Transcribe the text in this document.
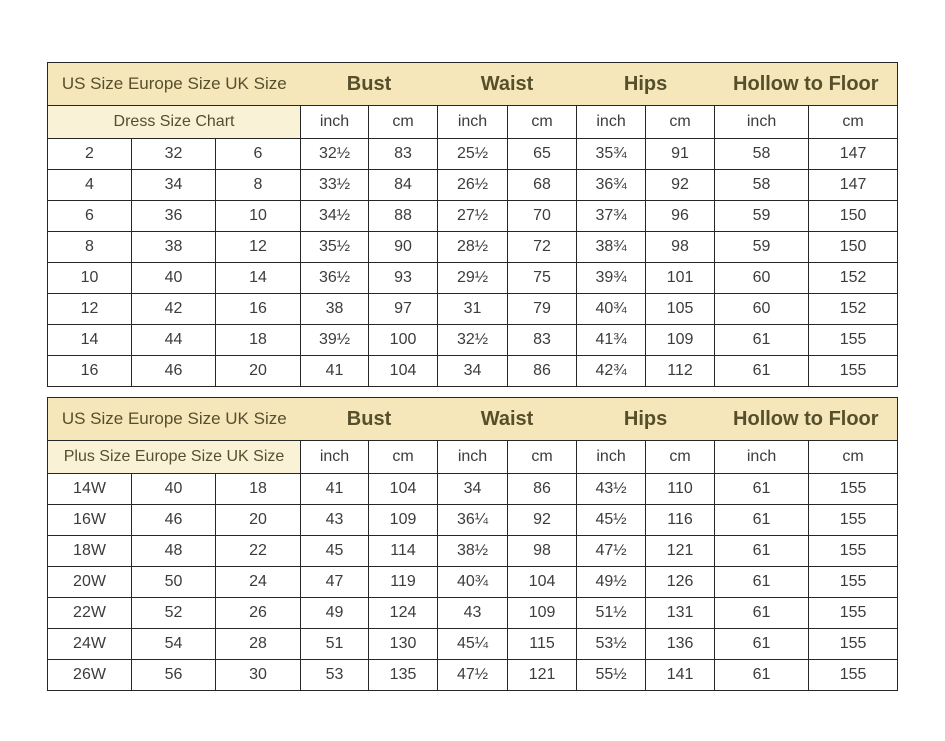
US Size Europe Size UK Size			Bust		Waist		Hips		Hollow to Floor	
Dress Size Chart			inch	cm	inch	cm	inch	cm	inch	cm
2	32	6	32½	83	25½	65	35¾	91	58	147
4	34	8	33½	84	26½	68	36¾	92	58	147
6	36	10	34½	88	27½	70	37¾	96	59	150
8	38	12	35½	90	28½	72	38¾	98	59	150
10	40	14	36½	93	29½	75	39¾	101	60	152
12	42	16	38	97	31	79	40¾	105	60	152
14	44	18	39½	100	32½	83	41¾	109	61	155
16	46	20	41	104	34	86	42¾	112	61	155
US Size Europe Size UK Size			Bust		Waist		Hips		Hollow to Floor	
Plus Size Europe Size UK Size			inch	cm	inch	cm	inch	cm	inch	cm
14W	40	18	41	104	34	86	43½	110	61	155
16W	46	20	43	109	36¼	92	45½	116	61	155
18W	48	22	45	114	38½	98	47½	121	61	155
20W	50	24	47	119	40¾	104	49½	126	61	155
22W	52	26	49	124	43	109	51½	131	61	155
24W	54	28	51	130	45¼	115	53½	136	61	155
26W	56	30	53	135	47½	121	55½	141	61	155
